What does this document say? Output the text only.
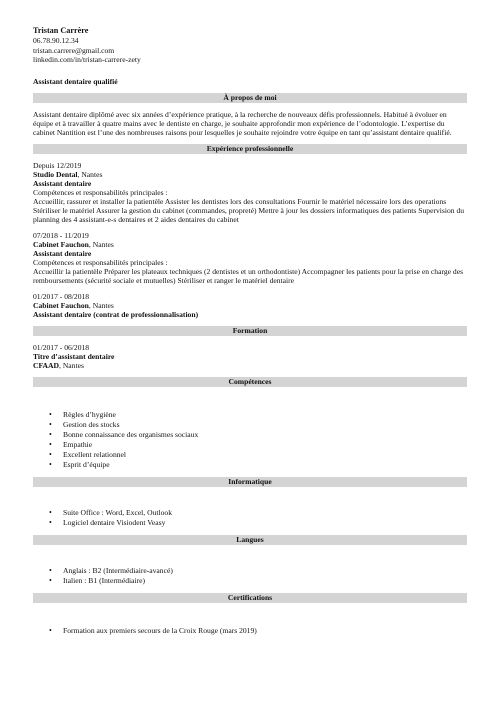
Tristan Carrère
06.78.90.12.34
tristan.carrere@gmail.com
linkedin.com/in/tristan-carrere-zety
Assistant dentaire qualifié
À propos de moi
Assistant dentaire diplômé avec six années d’expérience pratique, à la recherche de nouveaux défis professionnels. Habitué à évoluer en équipe et à travailler à quatre mains avec le dentiste en charge, je souhaite approfondir mon expérience de l’odontologie. L’expertise du cabinet Nantition est l’une des nombreuses raisons pour lesquelles je souhaite rejoindre votre équipe en tant qu’assistant dentaire qualifié.
Expérience professionnelle
Depuis 12/2019
Studio Dental, Nantes
Assistant dentaire
Compétences et responsabilités principales :
Accueillir, rassurer et installer la patientèle Assister les dentistes lors des consultations Fournir le matériel nécessaire lors des operations Stériliser le matériel Assurer la gestion du cabinet (commandes, propreté) Mettre à jour les dossiers informatiques des patients Supervision du planning des 4 assistant-e-s dentaires et 2 aides dentaires du cabinet
07/2018 - 11/2019
Cabinet Fauchon, Nantes
Assistant dentaire
Compétences et responsabilités principales :
Accueillir la patientèle Préparer les plateaux techniques (2 dentistes et un orthodontiste) Accompagner les patients pour la prise en charge des remboursements (sécurité sociale et mutuelles) Stériliser et ranger le matériel dentaire
01/2017 - 08/2018
Cabinet Fauchon, Nantes
Assistant dentaire (contrat de professionnalisation)
Formation
01/2017 - 06/2018
Titre d’assistant dentaire
CFAAD, Nantes
Compétences
• Règles d’hygiène
• Gestion des stocks
• Bonne connaissance des organismes sociaux
• Empathie
• Excellent relationnel
• Esprit d’équipe
Informatique
• Suite Office : Word, Excel, Outlook
• Logiciel dentaire Visiodent Veasy
Langues
• Anglais : B2 (Intermédiaire-avancé)
• Italien : B1 (Intermédiaire)
Certifications
• Formation aux premiers secours de la Croix Rouge (mars 2019)
